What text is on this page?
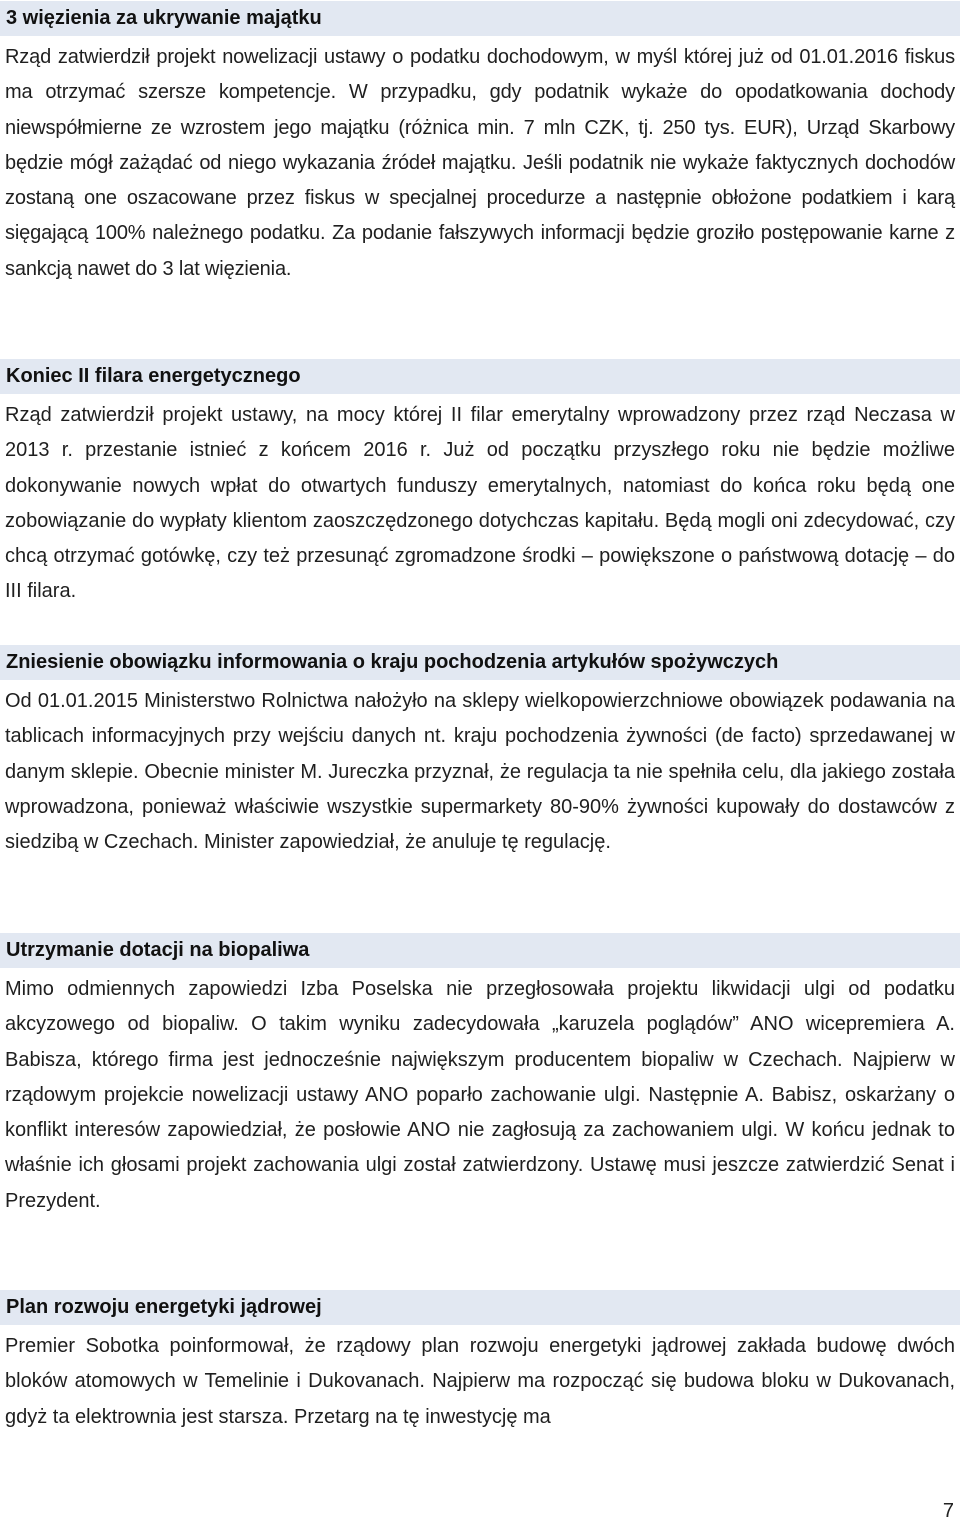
3 więzienia za ukrywanie majątku
Rząd zatwierdził projekt nowelizacji ustawy o podatku dochodowym, w myśl której już od 01.01.2016 fiskus ma otrzymać szersze kompetencje. W przypadku, gdy podatnik wykaże do opodatkowania dochody niewspółmierne ze wzrostem jego majątku (różnica min. 7 mln CZK, tj. 250 tys. EUR), Urząd Skarbowy będzie mógł zażądać od niego wykazania źródeł majątku. Jeśli podatnik nie wykaże faktycznych dochodów zostaną one oszacowane przez fiskus w specjalnej procedurze a następnie obłożone podatkiem i karą sięgającą 100% należnego podatku. Za podanie fałszywych informacji będzie groziło postępowanie karne z sankcją nawet do 3 lat więzienia.
Koniec II filara energetycznego
Rząd zatwierdził projekt ustawy, na mocy której II filar emerytalny wprowadzony przez rząd Neczasa w 2013 r. przestanie istnieć z końcem 2016 r. Już od początku przyszłego roku nie będzie możliwe dokonywanie nowych wpłat do otwartych funduszy emerytalnych, natomiast do końca roku będą one zobowiązanie do wypłaty klientom zaoszczędzonego dotychczas kapitału. Będą mogli oni zdecydować, czy chcą otrzymać gotówkę, czy też przesunąć zgromadzone środki – powiększone o państwową dotację – do III filara.
Zniesienie obowiązku informowania o kraju pochodzenia artykułów spożywczych
Od 01.01.2015 Ministerstwo Rolnictwa nałożyło na sklepy wielkopowierzchniowe obowiązek podawania na tablicach informacyjnych przy wejściu danych nt. kraju pochodzenia żywności (de facto) sprzedawanej w danym sklepie. Obecnie minister M. Jureczka przyznał, że regulacja ta nie spełniła celu, dla jakiego została wprowadzona, ponieważ właściwie wszystkie supermarkety 80-90% żywności kupowały do dostawców z siedzibą w Czechach. Minister zapowiedział, że anuluje tę regulację.
Utrzymanie dotacji na biopaliwa
Mimo odmiennych zapowiedzi Izba Poselska nie przegłosowała projektu likwidacji ulgi od podatku akcyzowego od biopaliw. O takim wyniku zadecydowała „karuzela poglądów” ANO wicepremiera A. Babisza, którego firma jest jednocześnie największym producentem biopaliw w Czechach. Najpierw w rządowym projekcie nowelizacji ustawy ANO poparło zachowanie ulgi. Następnie A. Babisz, oskarżany o konflikt interesów zapowiedział, że posłowie ANO nie zagłosują za zachowaniem ulgi. W końcu jednak to właśnie ich głosami projekt zachowania ulgi został zatwierdzony. Ustawę musi jeszcze zatwierdzić Senat i Prezydent.
Plan rozwoju energetyki jądrowej
Premier Sobotka poinformował, że rządowy plan rozwoju energetyki jądrowej zakłada budowę dwóch bloków atomowych w Temelinie i Dukovanach. Najpierw ma rozpocząć się budowa bloku w Dukovanach, gdyż ta elektrownia jest starsza. Przetarg na tę inwestycję ma
7
